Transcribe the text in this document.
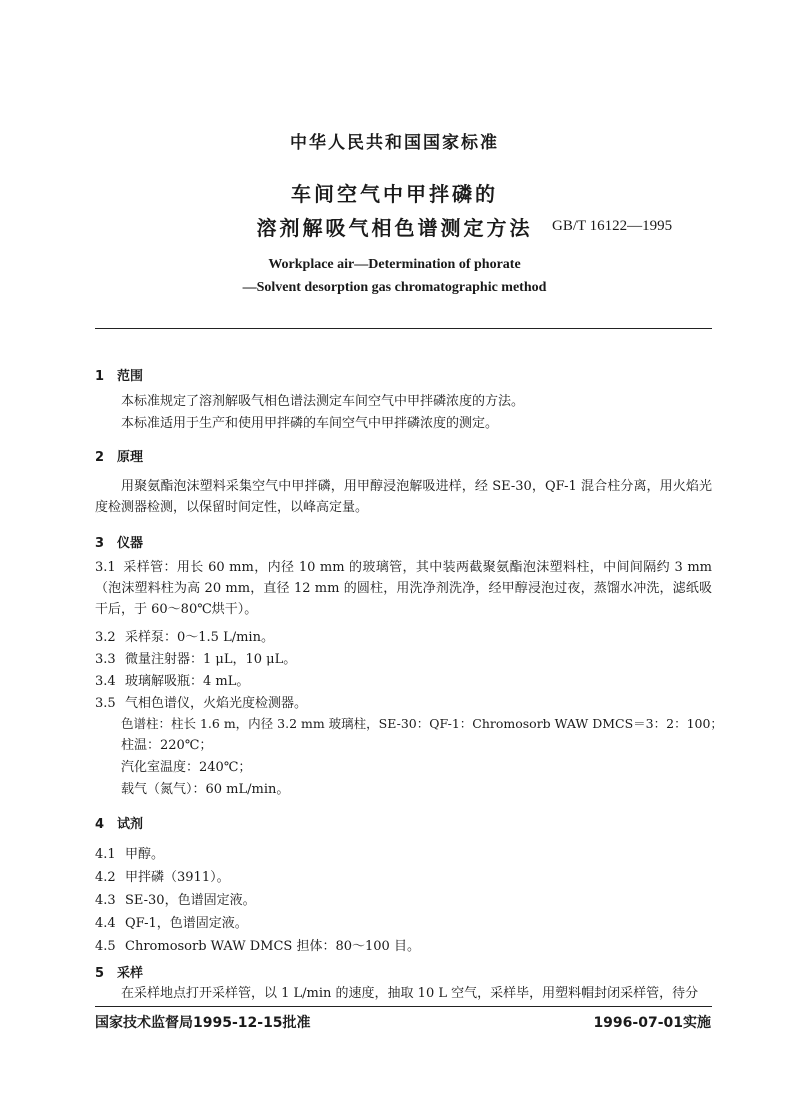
中华人民共和国国家标准
车间空气中甲拌磷的
溶剂解吸气相色谱测定方法	GB/T 16122—1995
Workplace air—Determination of phorate
—Solvent desorption gas chromatographic method
1 范围
本标准规定了溶剂解吸气相色谱法测定车间空气中甲拌磷浓度的方法。
本标准适用于生产和使用甲拌磷的车间空气中甲拌磷浓度的测定。
2 原理
用聚氨酯泡沫塑料采集空气中甲拌磷，用甲醇浸泡解吸进样，经 SE-30，QF-1 混合柱分离，用火焰光度检测器检测，以保留时间定性，以峰高定量。
3 仪器
3.1 采样管：用长 60 mm，内径 10 mm 的玻璃管，其中装两截聚氨酯泡沫塑料柱，中间间隔约 3 mm（泡沫塑料柱为高 20 mm，直径 12 mm 的圆柱，用洗净剂洗净，经甲醇浸泡过夜，蒸馏水冲洗，滤纸吸干后，于 60～80℃烘干）。
3.2 采样泵：0～1.5 L/min。
3.3 微量注射器：1 μL，10 μL。
3.4 玻璃解吸瓶：4 mL。
3.5 气相色谱仪，火焰光度检测器。
色谱柱：柱长 1.6 m，内径 3.2 mm 玻璃柱，SE-30：QF-1：Chromosorb WAW DMCS＝3：2：100；
柱温：220℃；
汽化室温度：240℃；
载气（氮气）：60 mL/min。
4 试剂
4.1 甲醇。
4.2 甲拌磷（3911）。
4.3 SE-30，色谱固定液。
4.4 QF-1，色谱固定液。
4.5 Chromosorb WAW DMCS 担体：80～100 目。
5 采样
在采样地点打开采样管，以 1 L/min 的速度，抽取 10 L 空气，采样毕，用塑料帽封闭采样管，待分
国家技术监督局1995-12-15批准	1996-07-01实施
